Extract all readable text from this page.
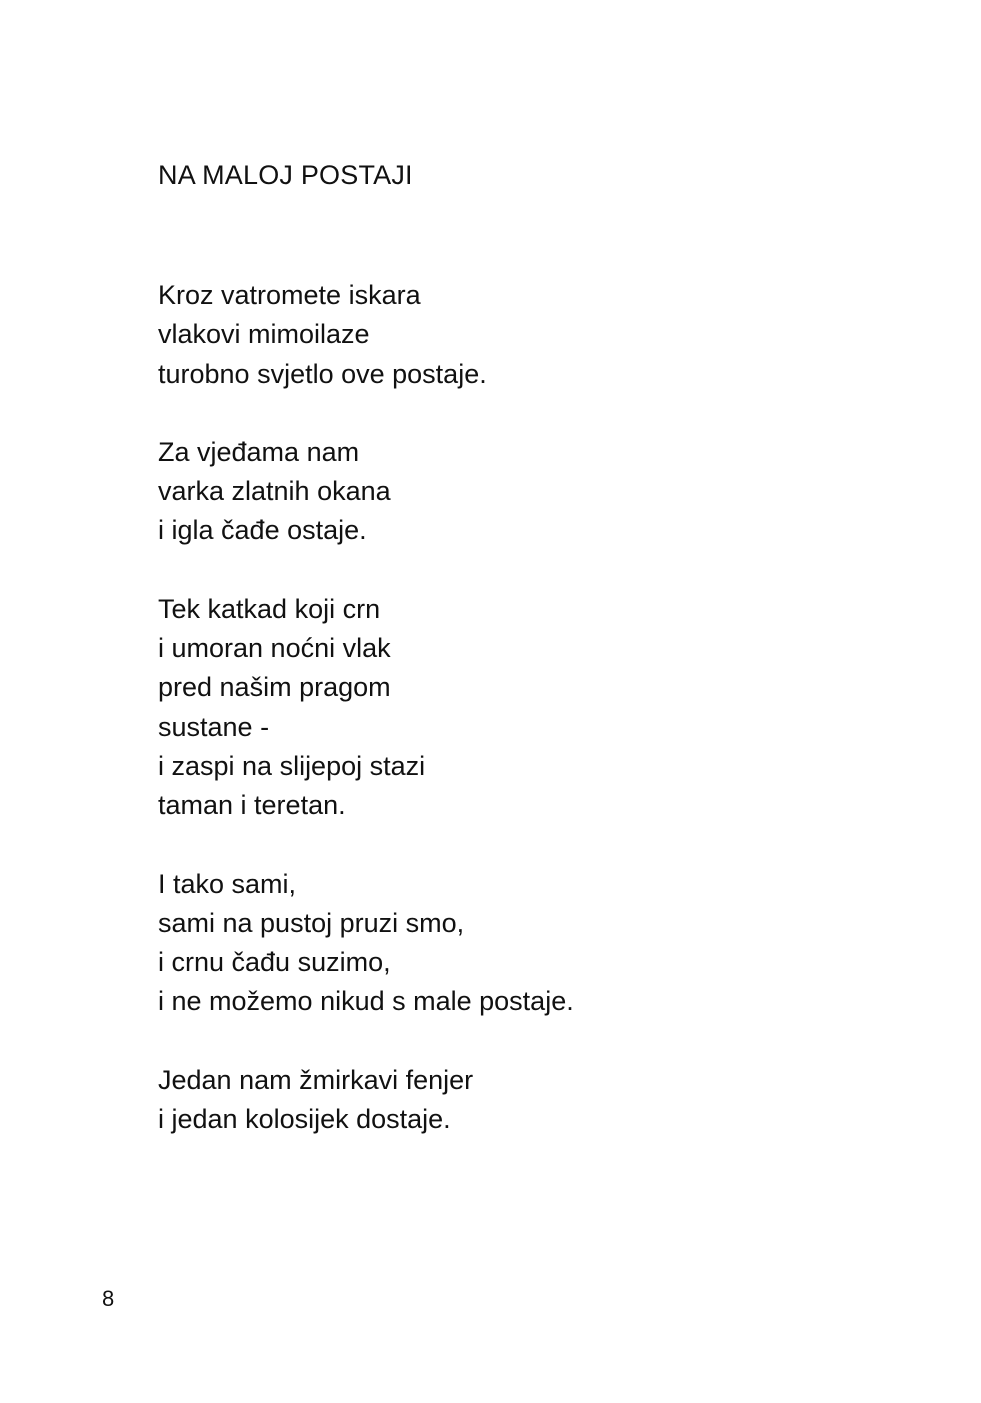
NA MALOJ POSTAJI
Kroz vatromete iskara
vlakovi mimoilaze
turobno svjetlo ove postaje.
Za vjeđama nam
varka zlatnih okana
i igla čađe ostaje.
Tek katkad koji crn
i umoran noćni vlak
pred našim pragom
sustane -
i zaspi na slijepoj stazi
taman i teretan.
I tako sami,
sami na pustoj pruzi smo,
i crnu čađu suzimo,
i ne možemo nikud s male postaje.
Jedan nam žmirkavi fenjer
i jedan kolosijek dostaje.
8
